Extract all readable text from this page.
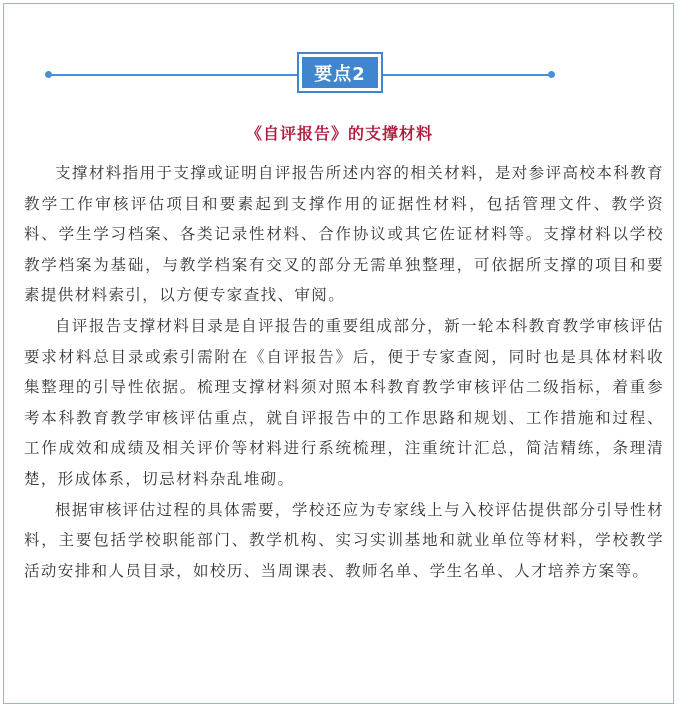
要点2
《自评报告》的支撑材料

支撑材料指用于支撑或证明自评报告所述内容的相关材料，是对参评高校本科教育教学工作审核评估项目和要素起到支撑作用的证据性材料，包括管理文件、教学资料、学生学习档案、各类记录性材料、合作协议或其它佐证材料等。支撑材料以学校教学档案为基础，与教学档案有交叉的部分无需单独整理，可依据所支撑的项目和要素提供材料索引，以方便专家查找、审阅。

自评报告支撑材料目录是自评报告的重要组成部分，新一轮本科教育教学审核评估要求材料总目录或索引需附在《自评报告》后，便于专家查阅，同时也是具体材料收集整理的引导性依据。梳理支撑材料须对照本科教育教学审核评估二级指标，着重参考本科教育教学审核评估重点，就自评报告中的工作思路和规划、工作措施和过程、工作成效和成绩及相关评价等材料进行系统梳理，注重统计汇总，简洁精练，条理清楚，形成体系，切忌材料杂乱堆砌。

根据审核评估过程的具体需要，学校还应为专家线上与入校评估提供部分引导性材料，主要包括学校职能部门、教学机构、实习实训基地和就业单位等材料，学校教学活动安排和人员目录，如校历、当周课表、教师名单、学生名单、人才培养方案等。
